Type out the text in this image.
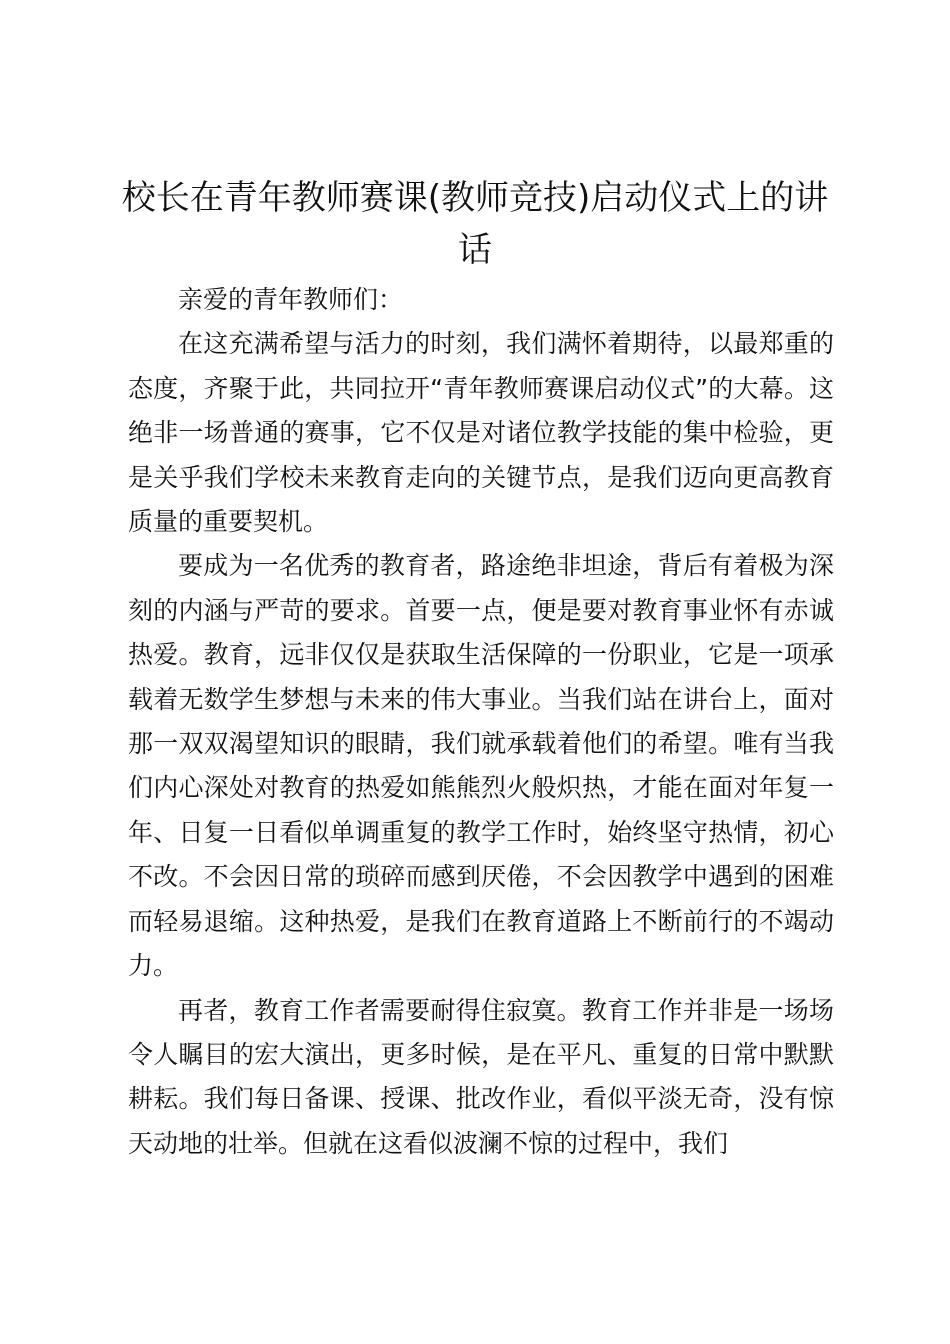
校长在青年教师赛课(教师竞技)启动仪式上的讲话

亲爱的青年教师们：

在这充满希望与活力的时刻，我们满怀着期待，以最郑重的态度，齐聚于此，共同拉开“青年教师赛课启动仪式”的大幕。这绝非一场普通的赛事，它不仅是对诸位教学技能的集中检验，更是关乎我们学校未来教育走向的关键节点，是我们迈向更高教育质量的重要契机。

要成为一名优秀的教育者，路途绝非坦途，背后有着极为深刻的内涵与严苛的要求。首要一点，便是要对教育事业怀有赤诚热爱。教育，远非仅仅是获取生活保障的一份职业，它是一项承载着无数学生梦想与未来的伟大事业。当我们站在讲台上，面对那一双双渴望知识的眼睛，我们就承载着他们的希望。唯有当我们内心深处对教育的热爱如熊熊烈火般炽热，才能在面对年复一年、日复一日看似单调重复的教学工作时，始终坚守热情，初心不改。不会因日常的琐碎而感到厌倦，不会因教学中遇到的困难而轻易退缩。这种热爱，是我们在教育道路上不断前行的不竭动力。

再者，教育工作者需要耐得住寂寞。教育工作并非是一场场令人瞩目的宏大演出，更多时候，是在平凡、重复的日常中默默耕耘。我们每日备课、授课、批改作业，看似平淡无奇，没有惊天动地的壮举。但就在这看似波澜不惊的过程中，我们
